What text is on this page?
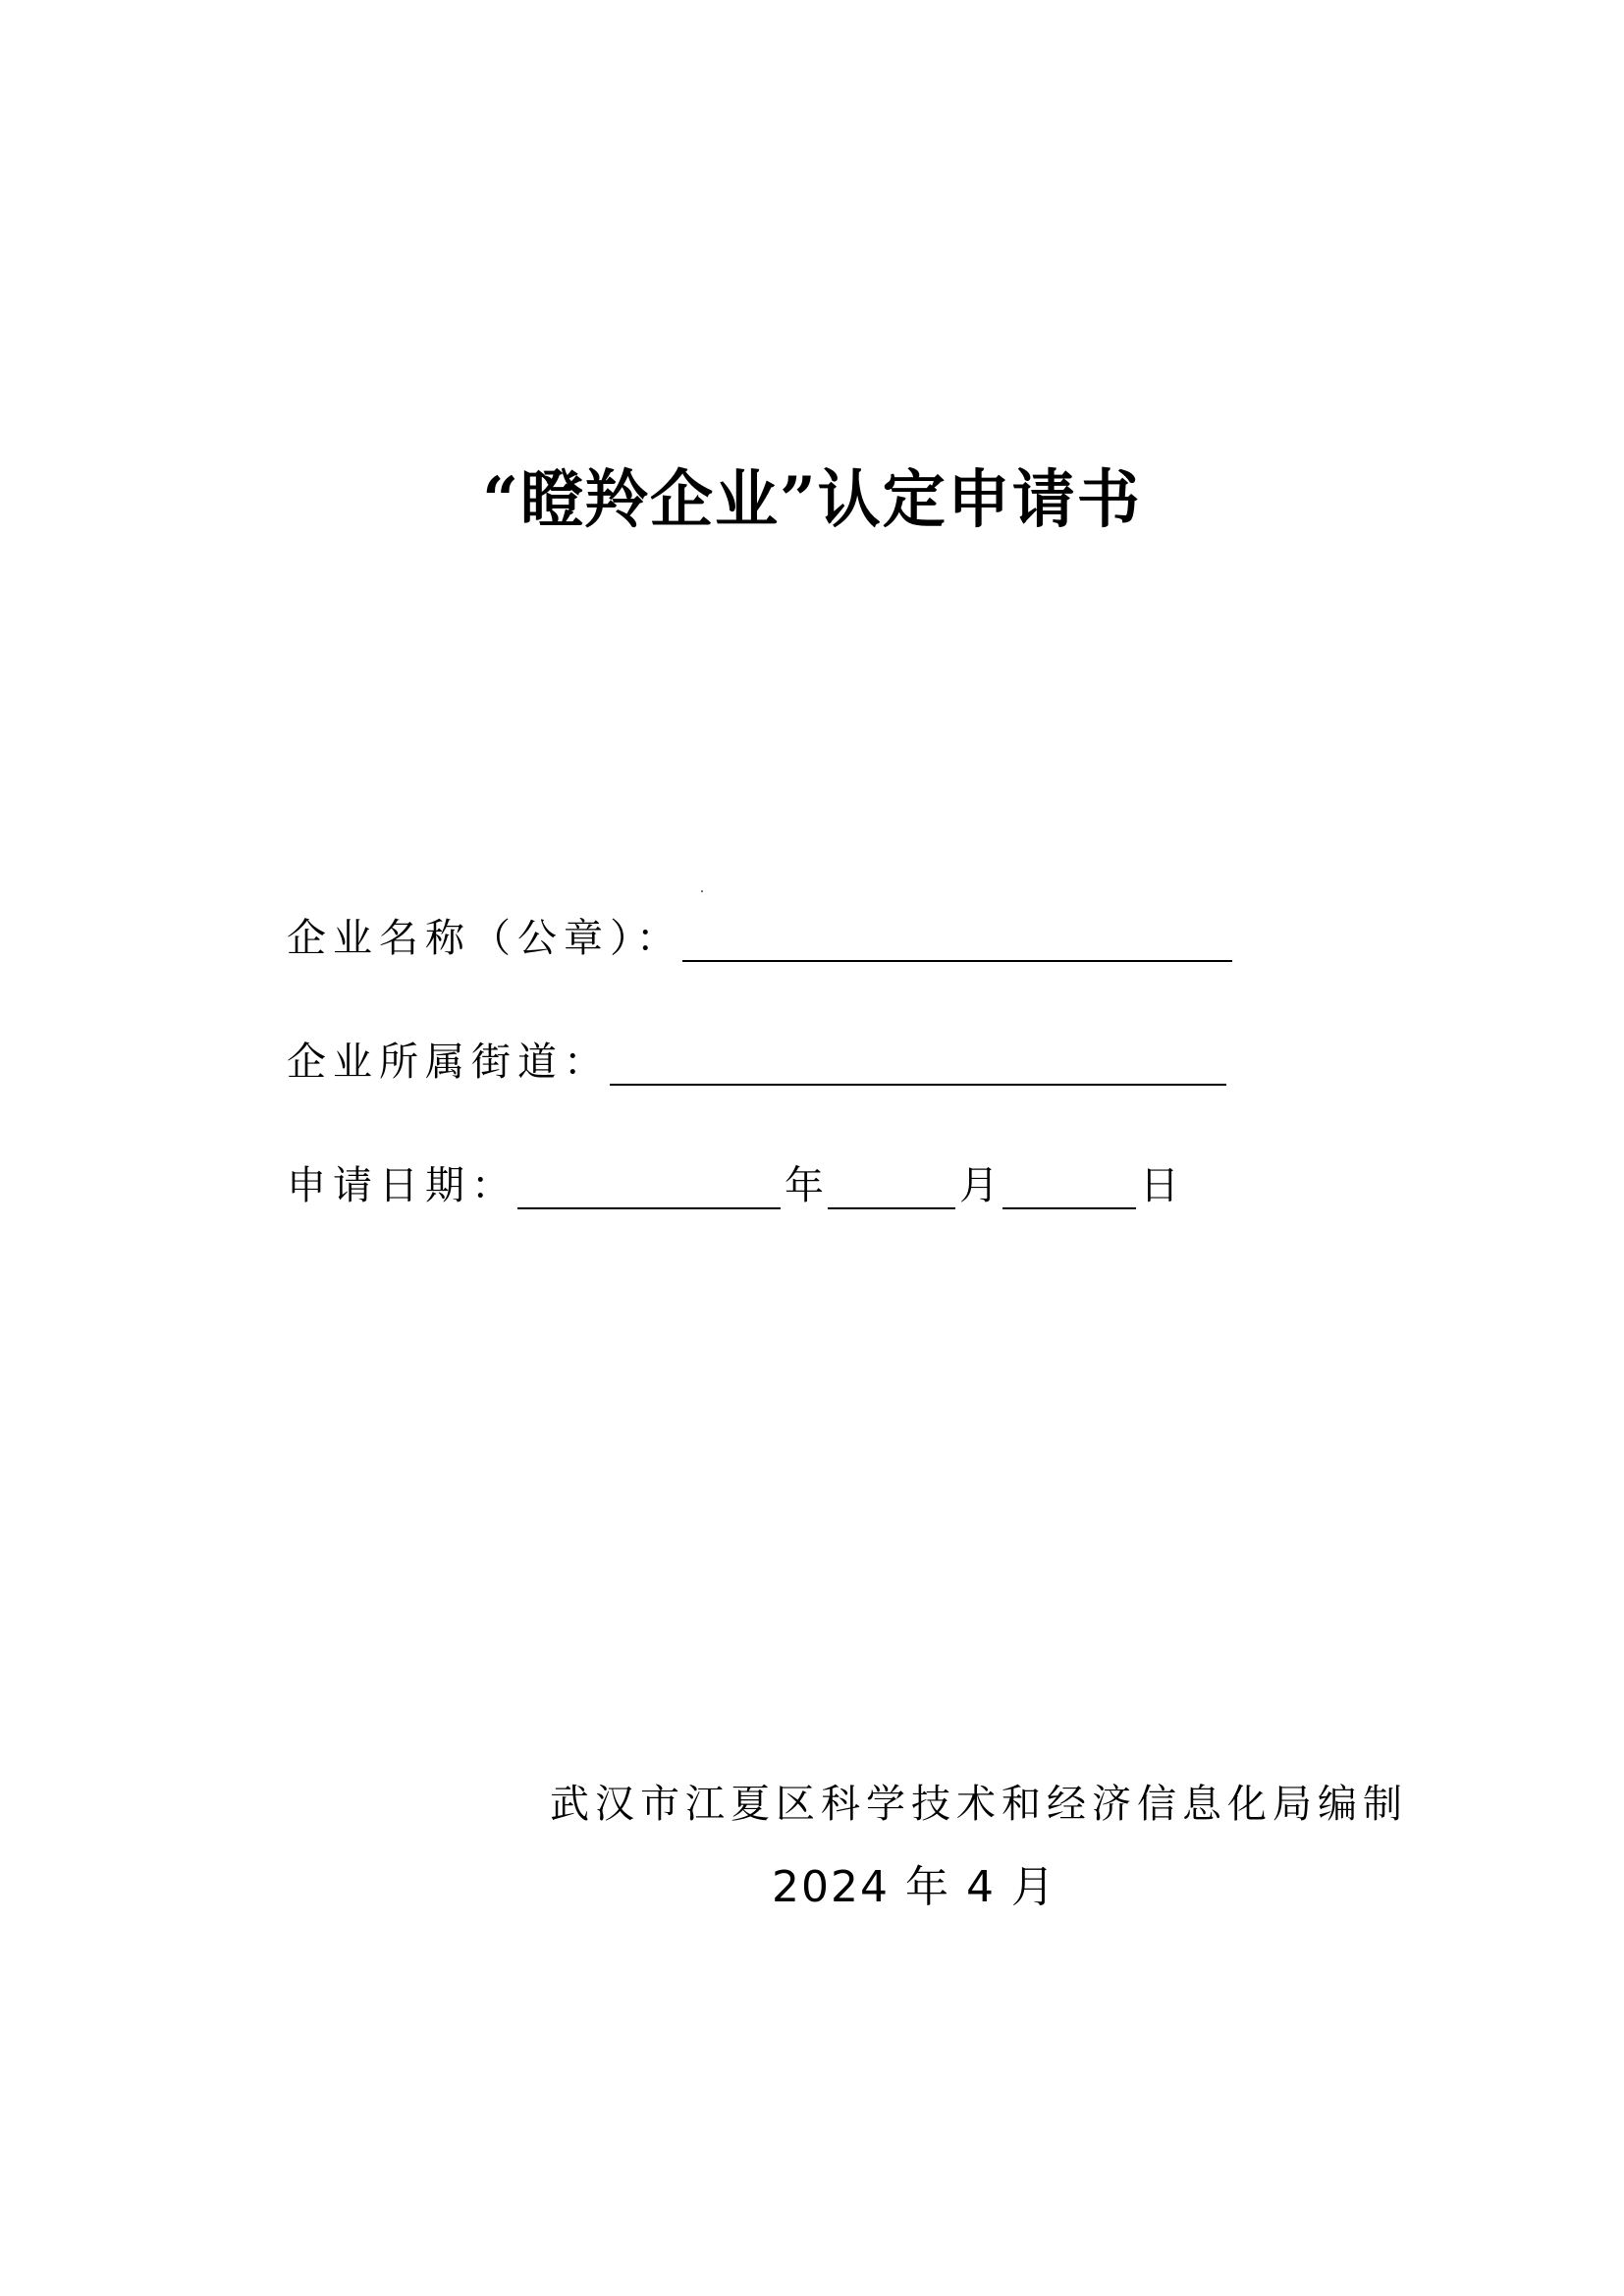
“瞪羚企业”认定申请书
企业名称（公章）：
企业所属街道：
申请日期：	年	月	日
武汉市江夏区科学技术和经济信息化局编制
2024 年 4 月
